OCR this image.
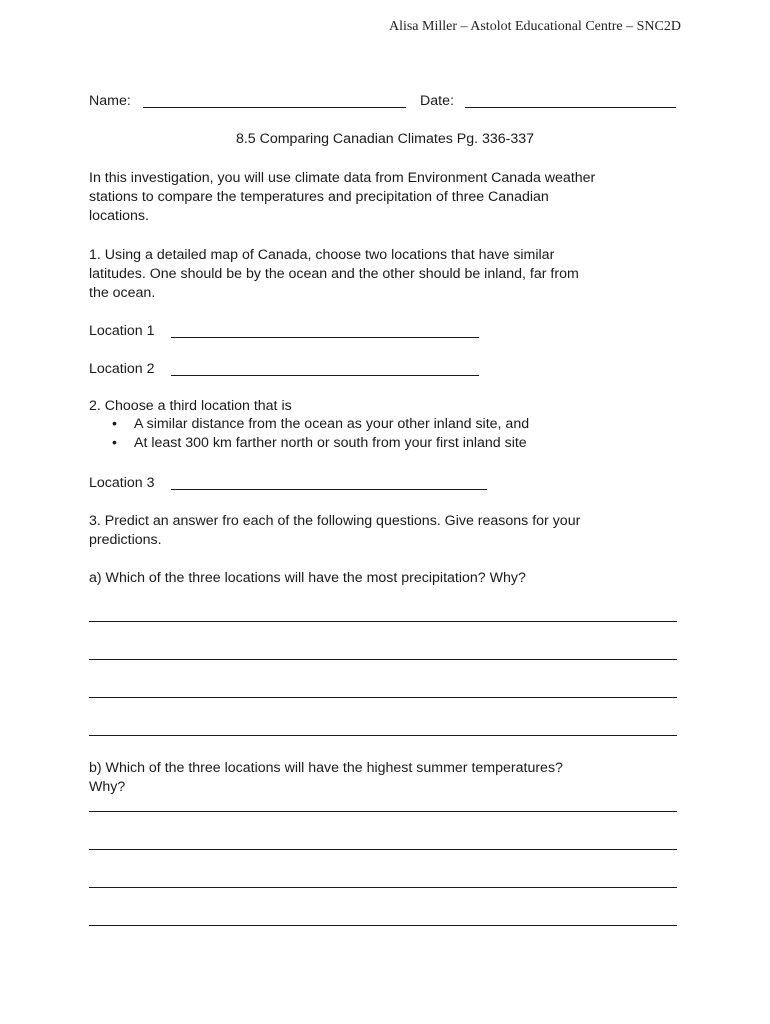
Alisa Miller – Astolot Educational Centre – SNC2D
Name:	Date:
8.5 Comparing Canadian Climates Pg. 336-337
In this investigation, you will use climate data from Environment Canada weather
stations to compare the temperatures and precipitation of three Canadian
locations.
1. Using a detailed map of Canada, choose two locations that have similar
latitudes. One should be by the ocean and the other should be inland, far from
the ocean.
Location 1
Location 2
2. Choose a third location that is
• A similar distance from the ocean as your other inland site, and
• At least 300 km farther north or south from your first inland site
Location 3
3. Predict an answer fro each of the following questions. Give reasons for your
predictions.
a) Which of the three locations will have the most precipitation? Why?
b) Which of the three locations will have the highest summer temperatures?
Why?
